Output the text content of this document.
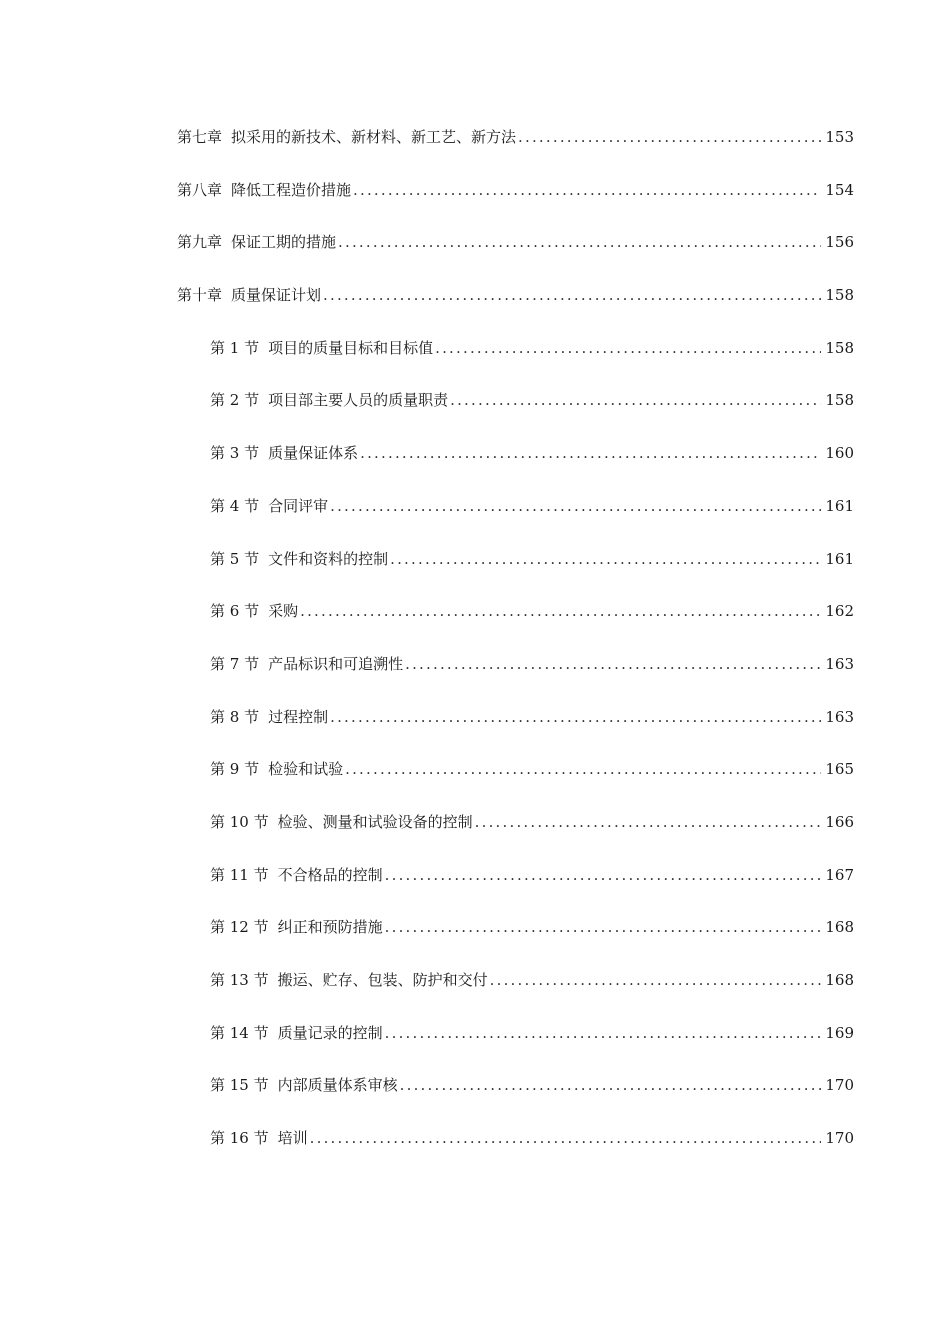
第七章 拟采用的新技术、新材料、新工艺、新方法 .....	153
第八章 降低工程造价措施 .....	154
第九章 保证工期的措施 .....	156
第十章 质量保证计划 .....	158
第 1 节 项目的质量目标和目标值 .....	158
第 2 节 项目部主要人员的质量职责 .....	158
第 3 节 质量保证体系 .....	160
第 4 节 合同评审 .....	161
第 5 节 文件和资料的控制 .....	161
第 6 节 采购 .....	162
第 7 节 产品标识和可追溯性 .....	163
第 8 节 过程控制 .....	163
第 9 节 检验和试验 .....	165
第 10 节 检验、测量和试验设备的控制 .....	166
第 11 节 不合格品的控制 .....	167
第 12 节 纠正和预防措施 .....	168
第 13 节 搬运、贮存、包装、防护和交付 .....	168
第 14 节 质量记录的控制 .....	169
第 15 节 内部质量体系审核 .....	170
第 16 节 培训 .....	170
